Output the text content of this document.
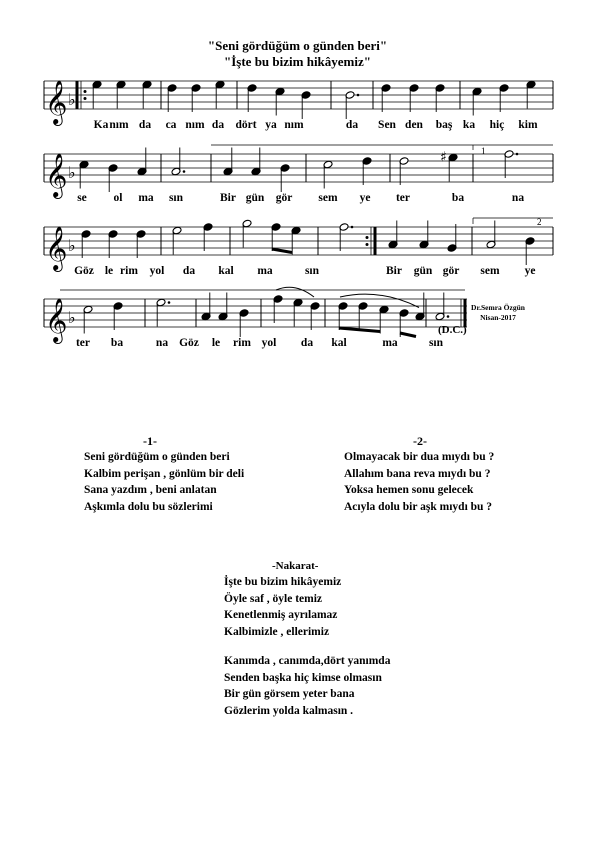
"Seni gördüğüm o günden beri"
"İşte bu bizim hikâyemiz"
𝄞 ♭
𝄞 ♭
𝄞 ♭
𝄞 ♭
♯
Ka nım da ca nım da dört ya nım	da Sen den baş ka hiç kim
se ol ma sın	Bir gün gör sem ye ter	ba	na
Göz le rim yol da kal ma	sın	Bir gün gör sem ye
ter ba	na Göz le rim yol da kal	ma	sın
1
2
Dr.Semra Özgün
Nisan-2017
(D.C.)
-1-
Seni gördüğüm o günden beri
Kalbim perişan , gönlüm bir deli
Sana yazdım , beni anlatan
Aşkımla dolu bu sözlerimi
-2-
Olmayacak bir dua mıydı bu ?
Allahım bana reva mıydı bu ?
Yoksa hemen sonu gelecek
Acıyla dolu bir aşk mıydı bu ?
-Nakarat-
İşte bu bizim hikâyemiz
Öyle saf , öyle temiz
Kenetlenmiş ayrılamaz
Kalbimizle , ellerimiz
Kanımda , canımda,dört yanımda
Senden başka hiç kimse olmasın
Bir gün görsem yeter bana
Gözlerim yolda kalmasın .
